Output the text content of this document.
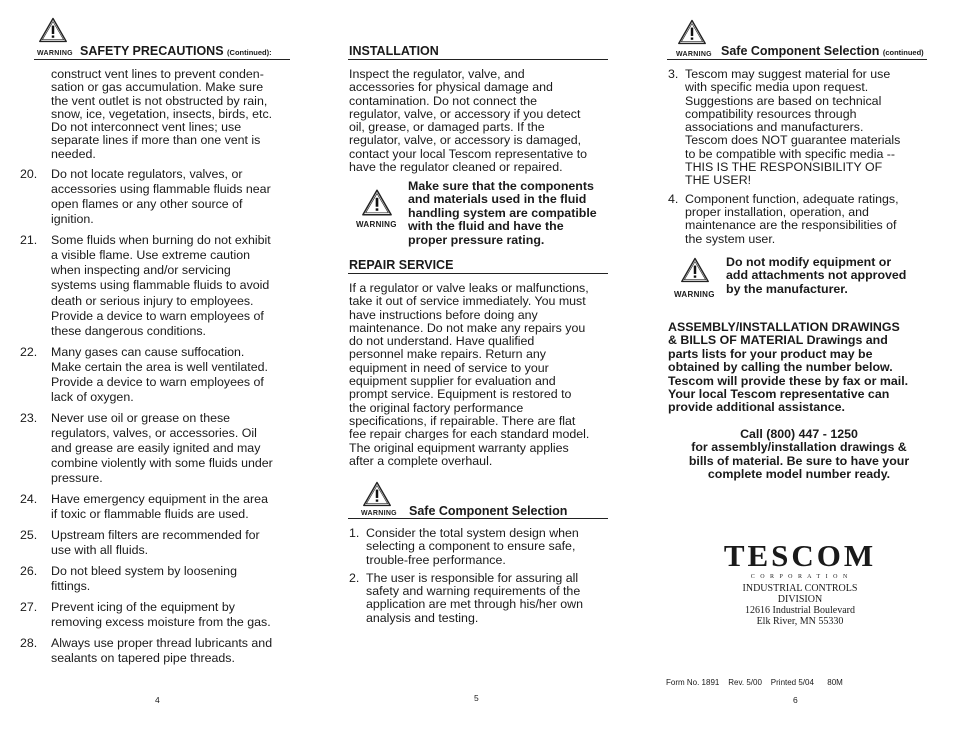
WARNING SAFETY PRECAUTIONS (Continued):
construct vent lines to prevent conden-
sation or gas accumulation. Make sure
the vent outlet is not obstructed by rain,
snow, ice, vegetation, insects, birds, etc.
Do not interconnect vent lines; use
separate lines if more than one vent is
needed.
20. Do not locate regulators, valves, or
accessories using flammable fluids near
open flames or any other source of
ignition.
21. Some fluids when burning do not exhibit
a visible flame. Use extreme caution
when inspecting and/or servicing
systems using flammable fluids to avoid
death or serious injury to employees.
Provide a device to warn employees of
these dangerous conditions.
22. Many gases can cause suffocation.
Make certain the area is well ventilated.
Provide a device to warn employees of
lack of oxygen.
23. Never use oil or grease on these
regulators, valves, or accessories. Oil
and grease are easily ignited and may
combine violently with some fluids under
pressure.
24. Have emergency equipment in the area
if toxic or flammable fluids are used.
25. Upstream filters are recommended for
use with all fluids.
26. Do not bleed system by loosening
fittings.
27. Prevent icing of the equipment by
removing excess moisture from the gas.
28. Always use proper thread lubricants and
sealants on tapered pipe threads.
4
INSTALLATION
Inspect the regulator, valve, and
accessories for physical damage and
contamination. Do not connect the
regulator, valve, or accessory if you detect
oil, grease, or damaged parts. If the
regulator, valve, or accessory is damaged,
contact your local Tescom representative to
have the regulator cleaned or repaired.
WARNING
Make sure that the components
and materials used in the fluid
handling system are compatible
with the fluid and have the
proper pressure rating.
REPAIR SERVICE
If a regulator or valve leaks or malfunctions,
take it out of service immediately. You must
have instructions before doing any
maintenance. Do not make any repairs you
do not understand. Have qualified
personnel make repairs. Return any
equipment in need of service to your
equipment supplier for evaluation and
prompt service. Equipment is restored to
the original factory performance
specifications, if repairable. There are flat
fee repair charges for each standard model.
The original equipment warranty applies
after a complete overhaul.
WARNING Safe Component Selection
1. Consider the total system design when
selecting a component to ensure safe,
trouble-free performance.
2. The user is responsible for assuring all
safety and warning requirements of the
application are met through his/her own
analysis and testing.
5
WARNING Safe Component Selection (continued)
3. Tescom may suggest material for use
with specific media upon request.
Suggestions are based on technical
compatibility resources through
associations and manufacturers.
Tescom does NOT guarantee materials
to be compatible with specific media --
THIS IS THE RESPONSIBILITY OF
THE USER!
4. Component function, adequate ratings,
proper installation, operation, and
maintenance are the responsibilities of
the system user.
WARNING
Do not modify equipment or
add attachments not approved
by the manufacturer.
ASSEMBLY/INSTALLATION DRAWINGS
& BILLS OF MATERIAL Drawings and
parts lists for your product may be
obtained by calling the number below.
Tescom will provide these by fax or mail.
Your local Tescom representative can
provide additional assistance.
Call (800) 447 - 1250
for assembly/installation drawings &
bills of material. Be sure to have your
complete model number ready.
TESCOM
C O R P O R A T I O N
INDUSTRIAL CONTROLS DIVISION
12616 Industrial Boulevard
Elk River, MN 55330
Form No. 1891    Rev. 5/00    Printed 5/04      80M
6
